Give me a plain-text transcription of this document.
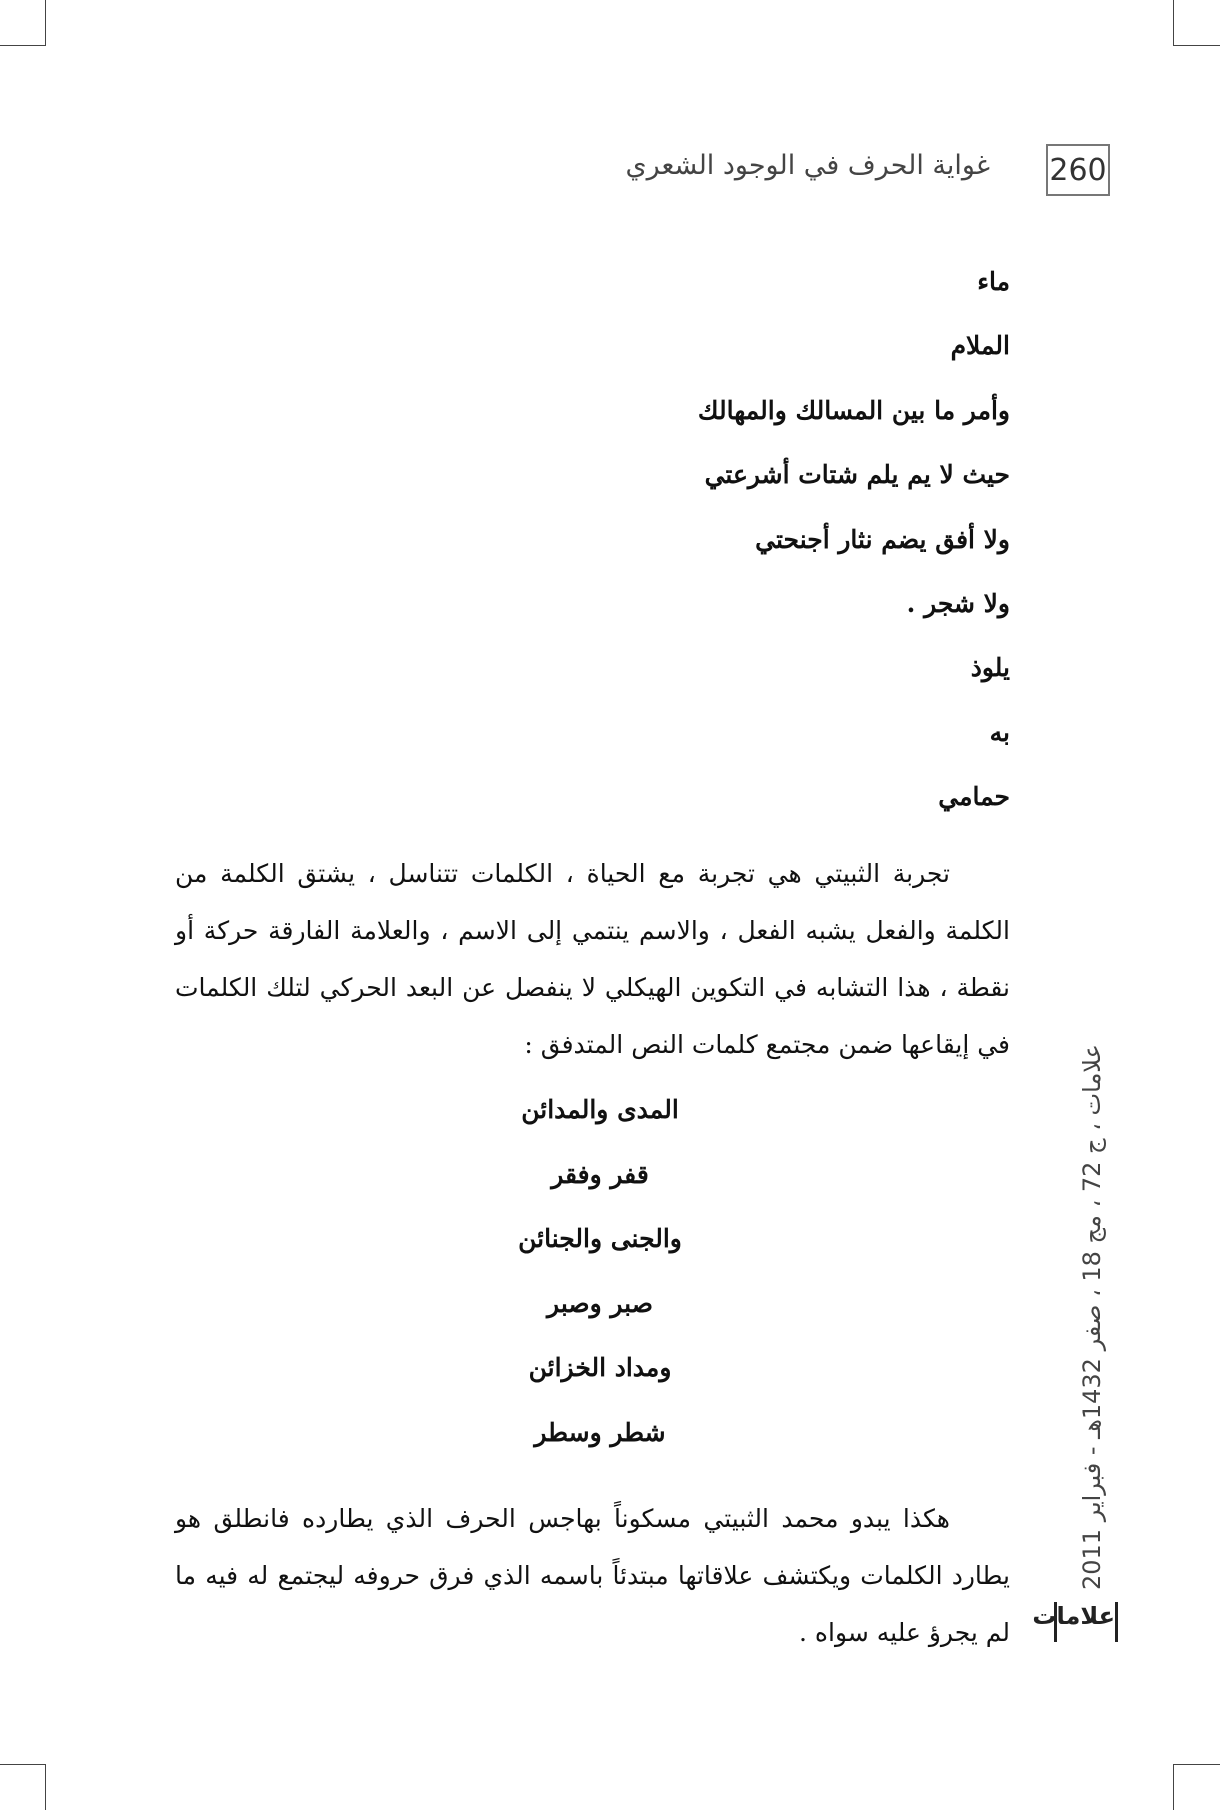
260
غواية الحرف في الوجود الشعري
ماء
الملام
وأمر ما بين المسالك والمهالك
حيث لا يم يلم شتات أشرعتي
ولا أفق يضم نثار أجنحتي
ولا شجر .
يلوذ
به
حمامي
تجربة الثبيتي هي تجربة مع الحياة ، الكلمات تتناسل ، يشتق الكلمة من الكلمة والفعل يشبه الفعل ، والاسم ينتمي إلى الاسم ، والعلامة الفارقة حركة أو نقطة ، هذا التشابه في التكوين الهيكلي لا ينفصل عن البعد الحركي لتلك الكلمات في إيقاعها ضمن مجتمع كلمات النص المتدفق :
المدى والمدائن
قفر وفقر
والجنى والجنائن
صبر وصبر
ومداد الخزائن
شطر وسطر
هكذا يبدو محمد الثبيتي مسكوناً بهاجس الحرف الذي يطارده فانطلق هو يطارد الكلمات ويكتشف علاقاتها مبتدئاً باسمه الذي فرق حروفه ليجتمع له فيه ما لم يجرؤ عليه سواه .
علامات ، ج 72 ، مج 18 ، صفر 1432هـ - فبراير 2011
علامات
